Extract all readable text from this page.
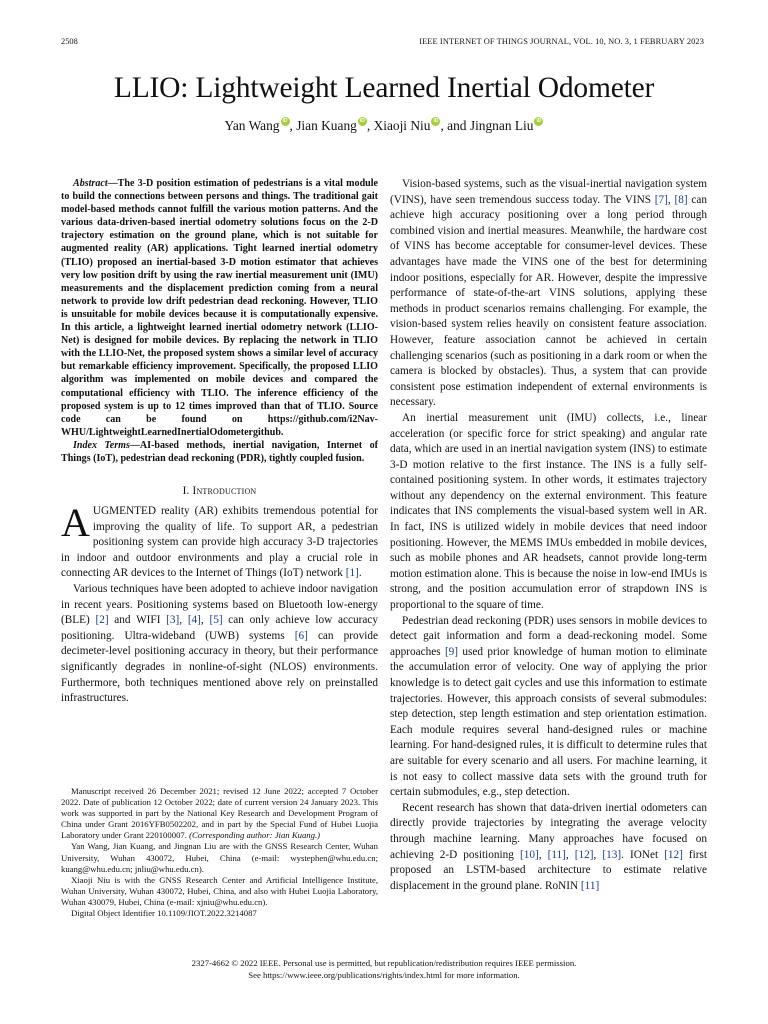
2508	IEEE INTERNET OF THINGS JOURNAL, VOL. 10, NO. 3, 1 FEBRUARY 2023
LLIO: Lightweight Learned Inertial Odometer
Yan Wang iD , Jian Kuang iD , Xiaoji Niu iD , and Jingnan LiuiD

Abstract—The 3-D position estimation of pedestrians is a vital module to build the connections between persons and things. The traditional gait model-based methods cannot fulfill the various motion patterns. And the various data-driven-based inertial odometry solutions focus on the 2-D trajectory estimation on the ground plane, which is not suitable for augmented reality (AR) applications. Tight learned inertial odometry (TLIO) proposed an inertial-based 3-D motion estimator that achieves very low position drift by using the raw inertial measurement unit (IMU) measurements and the displacement prediction coming from a neural network to provide low drift pedestrian dead reckoning. However, TLIO is unsuitable for mobile devices because it is computationally expensive. In this article, a lightweight learned inertial odometry network (LLIO-Net) is designed for mobile devices. By replacing the network in TLIO with the LLIO-Net, the proposed system shows a similar level of accuracy but remarkable efficiency improvement. Specifically, the proposed LLIO algorithm was implemented on mobile devices and compared the computational efficiency with TLIO. The inference efficiency of the proposed system is up to 12 times improved than that of TLIO. Source code can be found on https://github.com/i2Nav-WHU/LightweightLearnedInertialOdometergithub.

Index Terms—AI-based methods, inertial navigation, Internet of Things (IoT), pedestrian dead reckoning (PDR), tightly coupled fusion.

I. Introduction

AUGMENTED reality (AR) exhibits tremendous potential for improving the quality of life. To support AR, a pedestrian positioning system can provide high accuracy 3-D trajectories in indoor and outdoor environments and play a crucial role in connecting AR devices to the Internet of Things (IoT) network [1].

Various techniques have been adopted to achieve indoor navigation in recent years. Positioning systems based on Bluetooth low-energy (BLE) [2] and WIFI [3], [4], [5] can only achieve low accuracy positioning. Ultra-wideband (UWB) systems [6] can provide decimeter-level positioning accuracy in theory, but their performance significantly degrades in nonline-of-sight (NLOS) environments. Furthermore, both techniques mentioned above rely on preinstalled infrastructures.

Manuscript received 26 December 2021; revised 12 June 2022; accepted 7 October 2022. Date of publication 12 October 2022; date of current version 24 January 2023. This work was supported in part by the National Key Research and Development Program of China under Grant 2016YFB0502202, and in part by the Special Fund of Hubei Luojia Laboratory under Grant 220100007. (Corresponding author: Jian Kuang.)

Yan Wang, Jian Kuang, and Jingnan Liu are with the GNSS Research Center, Wuhan University, Wuhan 430072, Hubei, China (e-mail: wystephen@whu.edu.cn; kuang@whu.edu.cn; jnliu@whu.edu.cn).

Xiaoji Niu is with the GNSS Research Center and Artificial Intelligence Institute, Wuhan University, Wuhan 430072, Hubei, China, and also with Hubei Luojia Laboratory, Wuhan 430079, Hubei, China (e-mail: xjniu@whu.edu.cn).

Digital Object Identifier 10.1109/JIOT.2022.3214087

Vision-based systems, such as the visual-inertial navigation system (VINS), have seen tremendous success today. The VINS [7], [8] can achieve high accuracy positioning over a long period through combined vision and inertial measures. Meanwhile, the hardware cost of VINS has become acceptable for consumer-level devices. These advantages have made the VINS one of the best for determining indoor positions, especially for AR. However, despite the impressive performance of state-of-the-art VINS solutions, applying these methods in product scenarios remains challenging. For example, the vision-based system relies heavily on consistent feature association. However, feature association cannot be achieved in certain challenging scenarios (such as positioning in a dark room or when the camera is blocked by obstacles). Thus, a system that can provide consistent pose estimation independent of external environments is necessary.

An inertial measurement unit (IMU) collects, i.e., linear acceleration (or specific force for strict speaking) and angular rate data, which are used in an inertial navigation system (INS) to estimate 3-D motion relative to the first instance. The INS is a fully self-contained positioning system. In other words, it estimates trajectory without any dependency on the external environment. This feature indicates that INS complements the visual-based system well in AR. In fact, INS is utilized widely in mobile devices that need indoor positioning. However, the MEMS IMUs embedded in mobile devices, such as mobile phones and AR headsets, cannot provide long-term motion estimation alone. This is because the noise in low-end IMUs is strong, and the position accumulation error of strapdown INS is proportional to the square of time.

Pedestrian dead reckoning (PDR) uses sensors in mobile devices to detect gait information and form a dead-reckoning model. Some approaches [9] used prior knowledge of human motion to eliminate the accumulation error of velocity. One way of applying the prior knowledge is to detect gait cycles and use this information to estimate trajectories. However, this approach consists of several submodules: step detection, step length estimation and step orientation estimation. Each module requires several hand-designed rules or machine learning. For hand-designed rules, it is difficult to determine rules that are suitable for every scenario and all users. For machine learning, it is not easy to collect massive data sets with the ground truth for certain submodules, e.g., step detection.

Recent research has shown that data-driven inertial odometers can directly provide trajectories by integrating the average velocity through machine learning. Many approaches have focused on achieving 2-D positioning [10], [11], [12], [13]. IONet [12] first proposed an LSTM-based architecture to estimate relative displacement in the ground plane. RoNIN [11]

2327-4662 © 2022 IEEE. Personal use is permitted, but republication/redistribution requires IEEE permission.
See https://www.ieee.org/publications/rights/index.html for more information.
